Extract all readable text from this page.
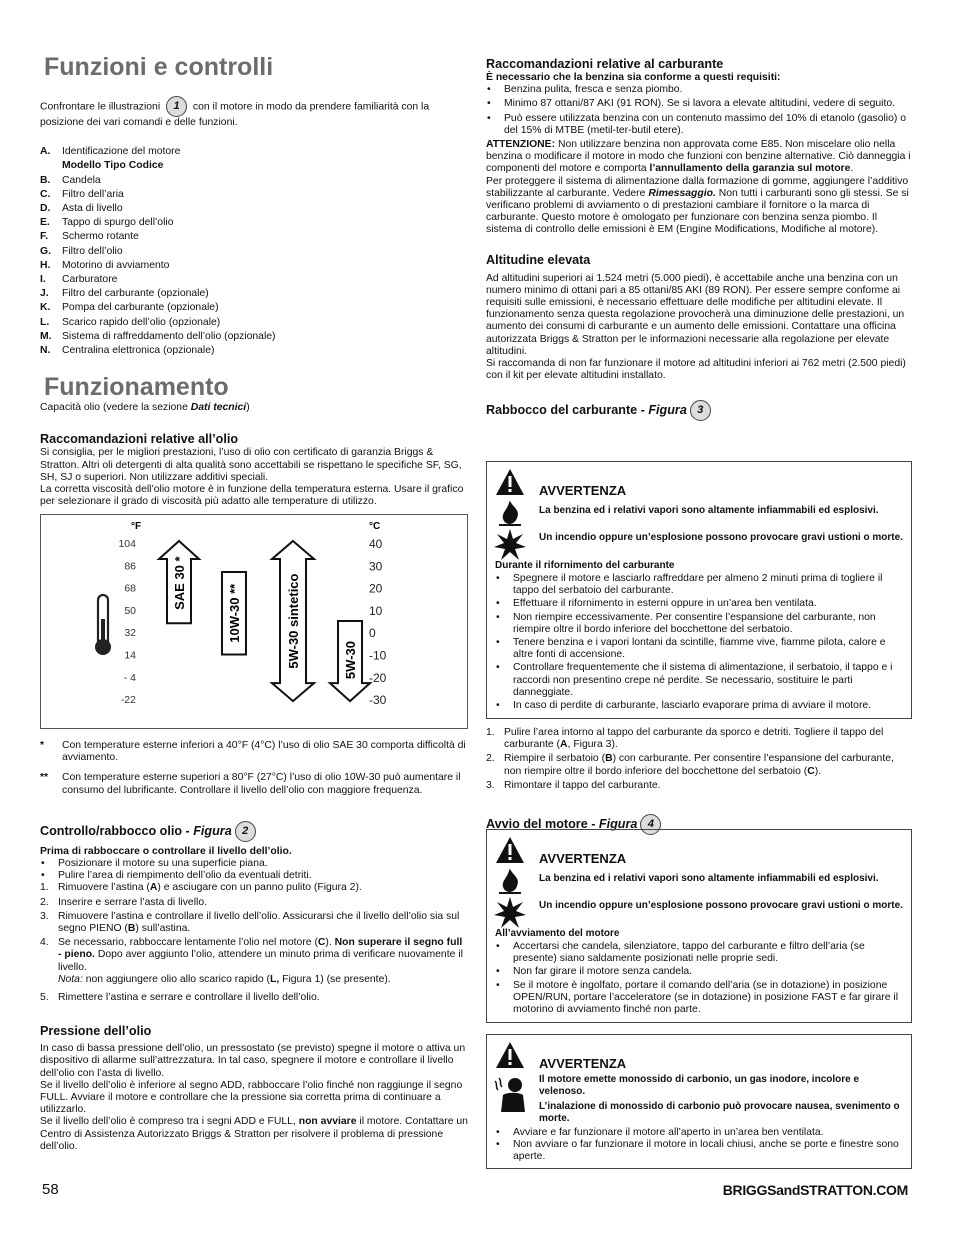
Funzioni e controlli

Confrontare le illustrazioni 1 con il motore in modo da prendere familiarità con la posizione dei vari comandi e delle funzioni.

A.	Identificazione del motore
Modello Tipo Codice
B.	Candela
C.	Filtro dell’aria
D.	Asta di livello
E.	Tappo di spurgo dell’olio
F.	Schermo rotante
G.	Filtro dell’olio
H.	Motorino di avviamento
I.	Carburatore
J.	Filtro del carburante (opzionale)
K.	Pompa del carburante (opzionale)
L.	Scarico rapido dell’olio (opzionale)
M.	Sistema di raffreddamento dell’olio (opzionale)
N.	Centralina elettronica (opzionale)
Funzionamento

Capacità olio (vedere la sezione Dati tecnici)

Raccomandazioni relative all’olio

Si consiglia, per le migliori prestazioni, l’uso di olio con certificato di garanzia Briggs & Stratton. Altri oli detergenti di alta qualità sono accettabili se rispettano le specifiche SF, SG, SH, SJ o superiori. Non utilizzare additivi speciali.

La corretta viscosità dell’olio motore è in funzione della temperatura esterna. Usare il grafico per selezionare il grado di viscosità più adatto alle temperature di utilizzo.

°F	°C
104
86
68
50
32
14
- 4
-22
40
30
20
10
0
-10
-20
-30
SAE 30 *
10W-30 **	5W-30 sintetico	5W-30
*	Con temperature esterne inferiori a 40°F (4°C) l’uso di olio SAE 30 comporta difficoltà di avviamento.
**	Con temperature esterne superiori a 80°F (27°C) l’uso di olio 10W-30 può aumentare il consumo del lubrificante. Controllare il livello dell’olio con maggiore frequenza.
Controllo/rabbocco olio - Figura 2

Prima di rabboccare o controllare il livello dell’olio.

• Posizionare il motore su una superficie piana.
• Pulire l’area di riempimento dell’olio da eventuali detriti.
1. Rimuovere l’astina (A) e asciugare con un panno pulito (Figura 2).
2. Inserire e serrare l’asta di livello.
3. Rimuovere l’astina e controllare il livello dell’olio. Assicurarsi che il livello dell’olio sia sul segno PIENO (B) sull’astina.
4. Se necessario, rabboccare lentamente l’olio nel motore (C). Non superare il segno full - pieno. Dopo aver aggiunto l’olio, attendere un minuto prima di verificare nuovamente il livello.
Nota: non aggiungere olio allo scarico rapido (L, Figura 1) (se presente).
5. Rimettere l’astina e serrare e controllare il livello dell’olio.
Pressione dell’olio

In caso di bassa pressione dell’olio, un pressostato (se previsto) spegne il motore o attiva un dispositivo di allarme sull’attrezzatura. In tal caso, spegnere il motore e controllare il livello dell’olio con l’asta di livello.

Se il livello dell’olio è inferiore al segno ADD, rabboccare l’olio finché non raggiunge il segno FULL. Avviare il motore e controllare che la pressione sia corretta prima di continuare a utilizzarlo.

Se il livello dell’olio è compreso tra i segni ADD e FULL, non avviare il motore. Contattare un Centro di Assistenza Autorizzato Briggs & Stratton per risolvere il problema di pressione dell’olio.

Raccomandazioni relative al carburante

È necessario che la benzina sia conforme a questi requisiti:

• Benzina pulita, fresca e senza piombo.
• Minimo 87 ottani/87 AKI (91 RON). Se si lavora a elevate altitudini, vedere di seguito.
• Può essere utilizzata benzina con un contenuto massimo del 10% di etanolo (gasolio) o del 15% di MTBE (metil-ter-butil etere).

ATTENZIONE: Non utilizzare benzina non approvata come E85. Non miscelare olio nella benzina o modificare il motore in modo che funzioni con benzine alternative. Ciò danneggia i componenti del motore e comporta l’annullamento della garanzia sul motore.

Per proteggere il sistema di alimentazione dalla formazione di gomme, aggiungere l’additivo stabilizzante al carburante. Vedere Rimessaggio. Non tutti i carburanti sono gli stessi. Se si verificano problemi di avviamento o di prestazioni cambiare il fornitore o la marca di carburante. Questo motore è omologato per funzionare con benzina senza piombo. Il sistema di controllo delle emissioni è EM (Engine Modifications, Modifiche al motore).

Altitudine elevata

Ad altitudini superiori ai 1.524 metri (5.000 piedi), è accettabile anche una benzina con un numero minimo di ottani pari a 85 ottani/85 AKI (89 RON). Per essere sempre conforme ai requisiti sulle emissioni, è necessario effettuare delle modifiche per altitudini elevate. Il funzionamento senza questa regolazione provocherà una diminuzione delle prestazioni, un aumento dei consumi di carburante e un aumento delle emissioni. Contattare una officina autorizzata Briggs & Stratton per le informazioni necessarie alla regolazione per elevate altitudini.

Si raccomanda di non far funzionare il motore ad altitudini inferiori ai 762 metri (2.500 piedi) con il kit per elevate altitudini installato.

Rabbocco del carburante - Figura 3
AVVERTENZA
La benzina ed i relativi vapori sono altamente infiammabili ed esplosivi.
Un incendio oppure un’esplosione possono provocare gravi ustioni o morte.
Durante il rifornimento del carburante
• Spegnere il motore e lasciarlo raffreddare per almeno 2 minuti prima di togliere il tappo del serbatoio del carburante.
• Effettuare il rifornimento in esterni oppure in un’area ben ventilata.
• Non riempire eccessivamente. Per consentire l’espansione del carburante, non riempire oltre il bordo inferiore del bocchettone del serbatoio.
• Tenere benzina e i vapori lontani da scintille, fiamme vive, fiamme pilota, calore e altre fonti di accensione.
• Controllare frequentemente che il sistema di alimentazione, il serbatoio, il tappo e i raccordi non presentino crepe né perdite. Se necessario, sostituire le parti danneggiate.
• In caso di perdite di carburante, lasciarlo evaporare prima di avviare il motore.
1. Pulire l’area intorno al tappo del carburante da sporco e detriti. Togliere il tappo del carburante (A, Figura 3).
2. Riempire il serbatoio (B) con carburante. Per consentire l’espansione del carburante, non riempire oltre il bordo inferiore del bocchettone del serbatoio (C).
3. Rimontare il tappo del carburante.
Avvio del motore - Figura 4
AVVERTENZA
La benzina ed i relativi vapori sono altamente infiammabili ed esplosivi.
Un incendio oppure un’esplosione possono provocare gravi ustioni o morte.
All’avviamento del motore
• Accertarsi che candela, silenziatore, tappo del carburante e filtro dell’aria (se presente) siano saldamente posizionati nelle proprie sedi.
• Non far girare il motore senza candela.
• Se il motore è ingolfato, portare il comando dell’aria (se in dotazione) in posizione OPEN/RUN, portare l’acceleratore (se in dotazione) in posizione FAST e far girare il motorino di avviamento finché non parte.
AVVERTENZA
Il motore emette monossido di carbonio, un gas inodore, incolore e velenoso.
L’inalazione di monossido di carbonio può provocare nausea, svenimento o morte.
• Avviare e far funzionare il motore all’aperto in un’area ben ventilata.
• Non avviare o far funzionare il motore in locali chiusi, anche se porte e finestre sono aperte.
58	BRIGGSandSTRATTON.COM
